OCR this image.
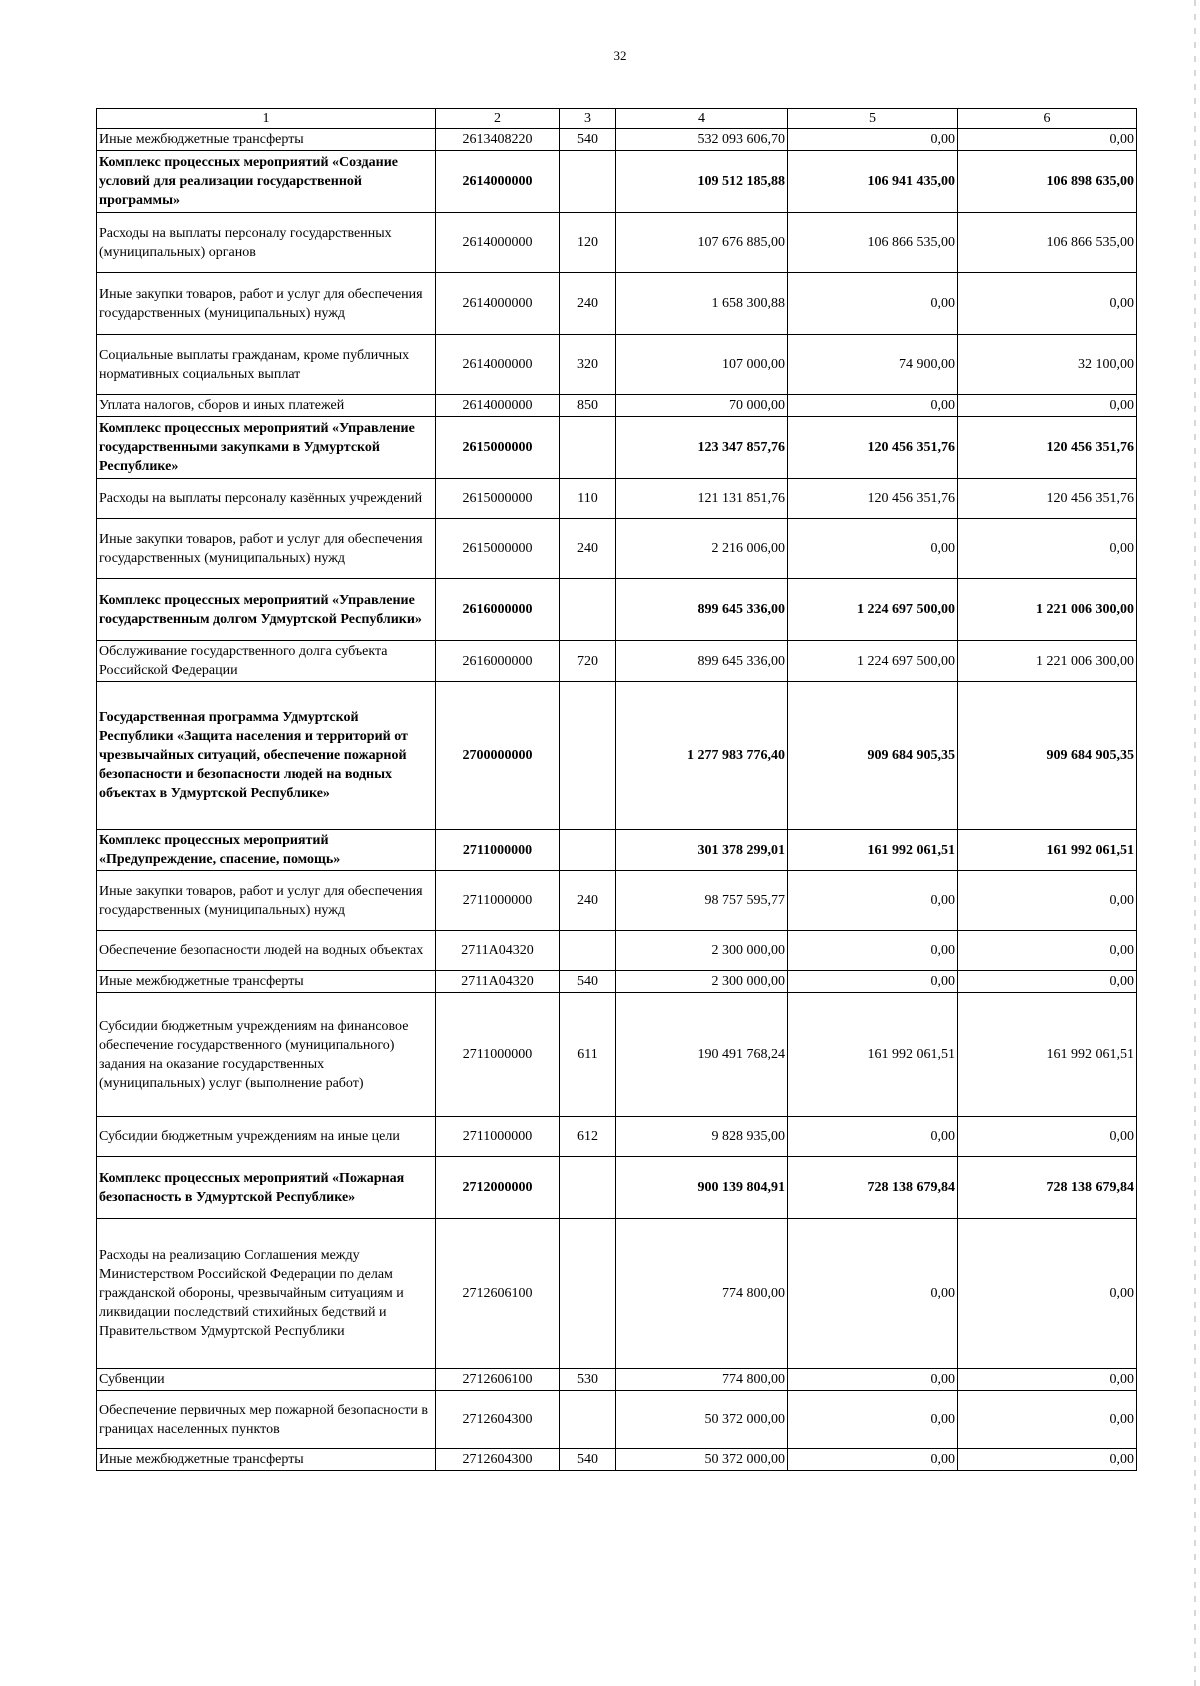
32
1	2	3	4	5	6
Иные межбюджетные трансферты	2613408220	540	532 093 606,70	0,00	0,00
Комплекс процессных мероприятий «Создание условий для реализации государственной программы»	2614000000		109 512 185,88	106 941 435,00	106 898 635,00
Расходы на выплаты персоналу государственных (муниципальных) органов	2614000000	120	107 676 885,00	106 866 535,00	106 866 535,00
Иные закупки товаров, работ и услуг для обеспечения государственных (муниципальных) нужд	2614000000	240	1 658 300,88	0,00	0,00
Социальные выплаты гражданам, кроме публичных нормативных социальных выплат	2614000000	320	107 000,00	74 900,00	32 100,00
Уплата налогов, сборов и иных платежей	2614000000	850	70 000,00	0,00	0,00
Комплекс процессных мероприятий «Управление государственными закупками в Удмуртской Республике»	2615000000		123 347 857,76	120 456 351,76	120 456 351,76
Расходы на выплаты персоналу казённых учреждений	2615000000	110	121 131 851,76	120 456 351,76	120 456 351,76
Иные закупки товаров, работ и услуг для обеспечения государственных (муниципальных) нужд	2615000000	240	2 216 006,00	0,00	0,00
Комплекс процессных мероприятий «Управление государственным долгом Удмуртской Республики»	2616000000		899 645 336,00	1 224 697 500,00	1 221 006 300,00
Обслуживание государственного долга субъекта Российской Федерации	2616000000	720	899 645 336,00	1 224 697 500,00	1 221 006 300,00
Государственная программа Удмуртской Республики «Защита населения и территорий от чрезвычайных ситуаций, обеспечение пожарной безопасности и безопасности людей на водных объектах в Удмуртской Республике»	2700000000		1 277 983 776,40	909 684 905,35	909 684 905,35
Комплекс процессных мероприятий «Предупреждение, спасение, помощь»	2711000000		301 378 299,01	161 992 061,51	161 992 061,51
Иные закупки товаров, работ и услуг для обеспечения государственных (муниципальных) нужд	2711000000	240	98 757 595,77	0,00	0,00
Обеспечение безопасности людей на водных объектах	2711A04320		2 300 000,00	0,00	0,00
Иные межбюджетные трансферты	2711A04320	540	2 300 000,00	0,00	0,00
Субсидии бюджетным учреждениям на финансовое обеспечение государственного (муниципального) задания на оказание государственных (муниципальных) услуг (выполнение работ)	2711000000	611	190 491 768,24	161 992 061,51	161 992 061,51
Субсидии бюджетным учреждениям на иные цели	2711000000	612	9 828 935,00	0,00	0,00
Комплекс процессных мероприятий «Пожарная безопасность в Удмуртской Республике»	2712000000		900 139 804,91	728 138 679,84	728 138 679,84
Расходы на реализацию Соглашения между Министерством Российской Федерации по делам гражданской обороны, чрезвычайным ситуациям и ликвидации последствий стихийных бедствий и Правительством Удмуртской Республики	2712606100		774 800,00	0,00	0,00
Субвенции	2712606100	530	774 800,00	0,00	0,00
Обеспечение первичных мер пожарной безопасности в границах населенных пунктов	2712604300		50 372 000,00	0,00	0,00
Иные межбюджетные трансферты	2712604300	540	50 372 000,00	0,00	0,00
